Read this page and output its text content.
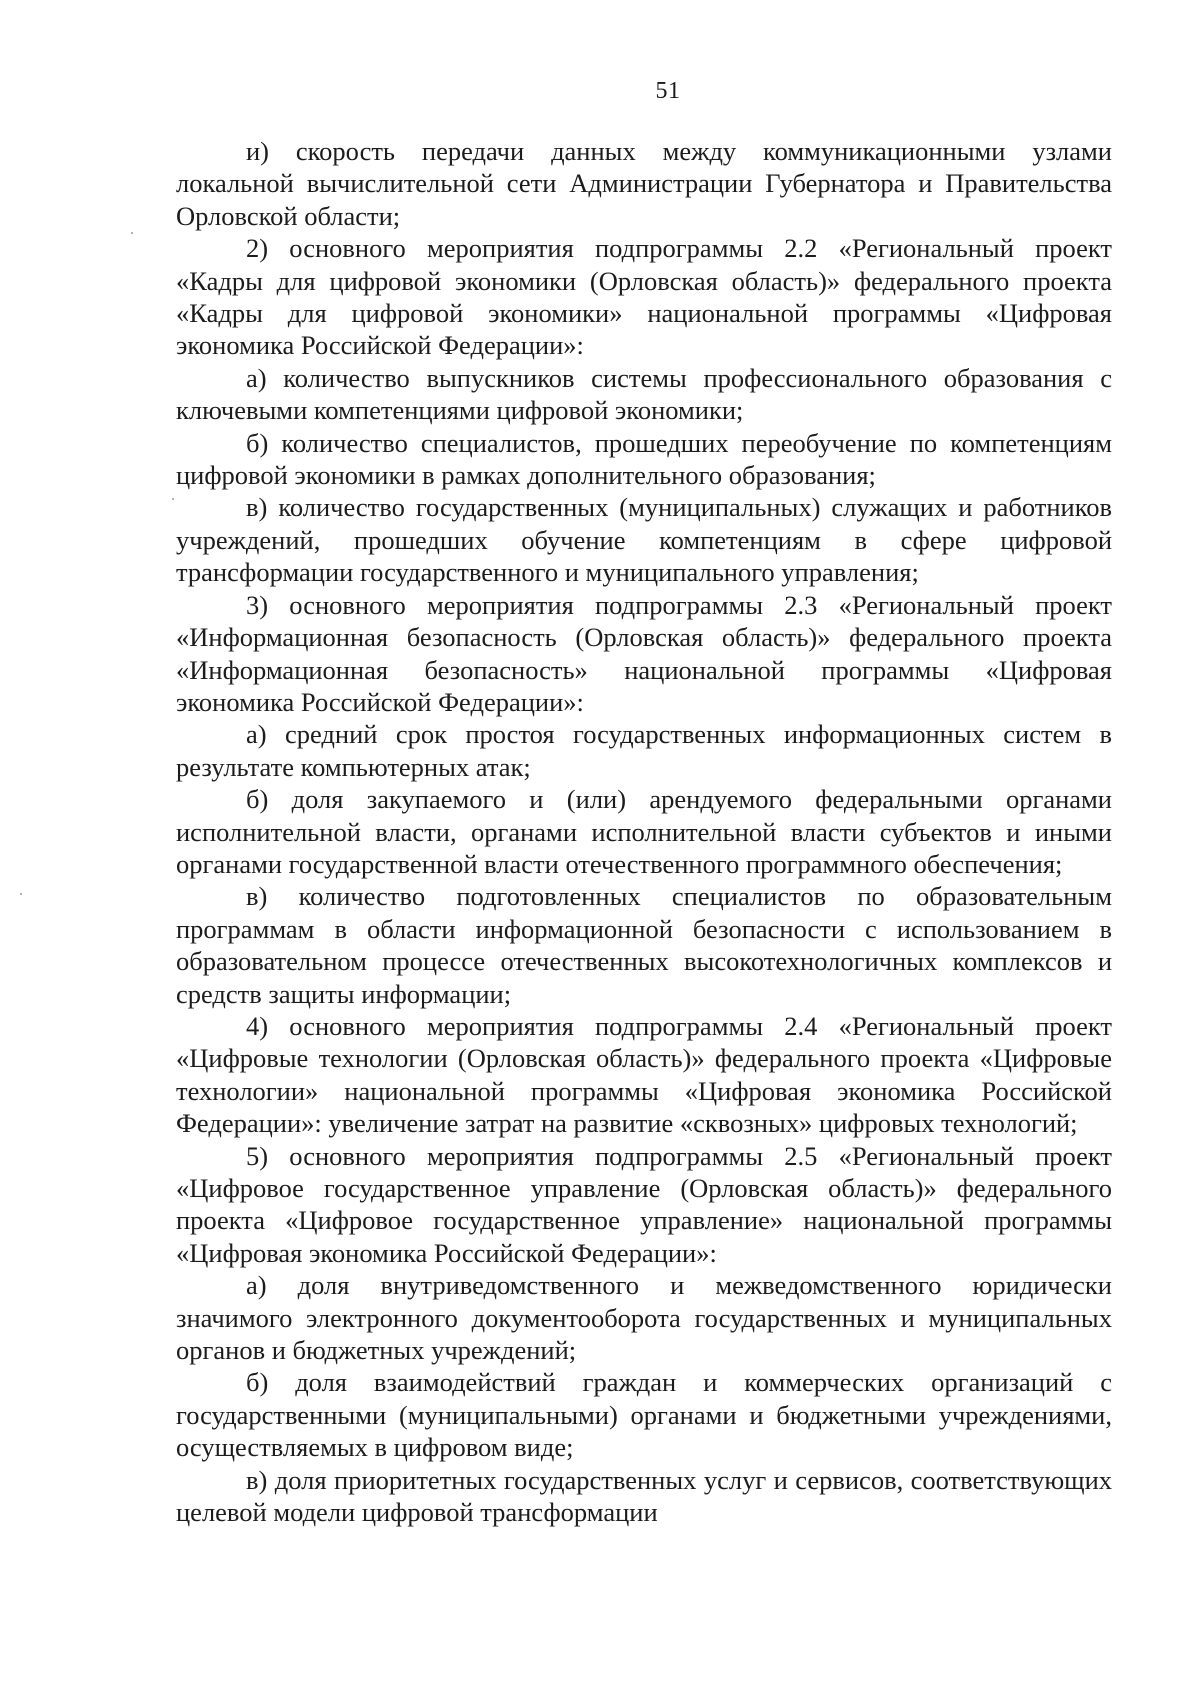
51

и) скорость передачи данных между коммуникационными узлами локальной вычислительной сети Администрации Губернатора и Правительства Орловской области;

2) основного мероприятия подпрограммы 2.2 «Региональный проект «Кадры для цифровой экономики (Орловская область)» федерального проекта «Кадры для цифровой экономики» национальной программы «Цифровая экономика Российской Федерации»:

а) количество выпускников системы профессионального образования с ключевыми компетенциями цифровой экономики;

б) количество специалистов, прошедших переобучение по компетенциям цифровой экономики в рамках дополнительного образования;

в) количество государственных (муниципальных) служащих и работников учреждений, прошедших обучение компетенциям в сфере цифровой трансформации государственного и муниципального управления;

3) основного мероприятия подпрограммы 2.3 «Региональный проект «Информационная безопасность (Орловская область)» федерального проекта «Информационная безопасность» национальной программы «Цифровая экономика Российской Федерации»:

а) средний срок простоя государственных информационных систем в результате компьютерных атак;

б) доля закупаемого и (или) арендуемого федеральными органами исполнительной власти, органами исполнительной власти субъектов и иными органами государственной власти отечественного программного обеспечения;

в) количество подготовленных специалистов по образовательным программам в области информационной безопасности с использованием в образовательном процессе отечественных высокотехнологичных комплексов и средств защиты информации;

4) основного мероприятия подпрограммы 2.4 «Региональный проект «Цифровые технологии (Орловская область)» федерального проекта «Цифровые технологии» национальной программы «Цифровая экономика Российской Федерации»: увеличение затрат на развитие «сквозных» цифровых технологий;

5) основного мероприятия подпрограммы 2.5 «Региональный проект «Цифровое государственное управление (Орловская область)» федерального проекта «Цифровое государственное управление» национальной программы «Цифровая экономика Российской Федерации»:

а) доля внутриведомственного и межведомственного юридически значимого электронного документооборота государственных и муниципальных органов и бюджетных учреждений;

б) доля взаимодействий граждан и коммерческих организаций с государственными (муниципальными) органами и бюджетными учреждениями, осуществляемых в цифровом виде;

в) доля приоритетных государственных услуг и сервисов, соответствующих целевой модели цифровой трансформации
